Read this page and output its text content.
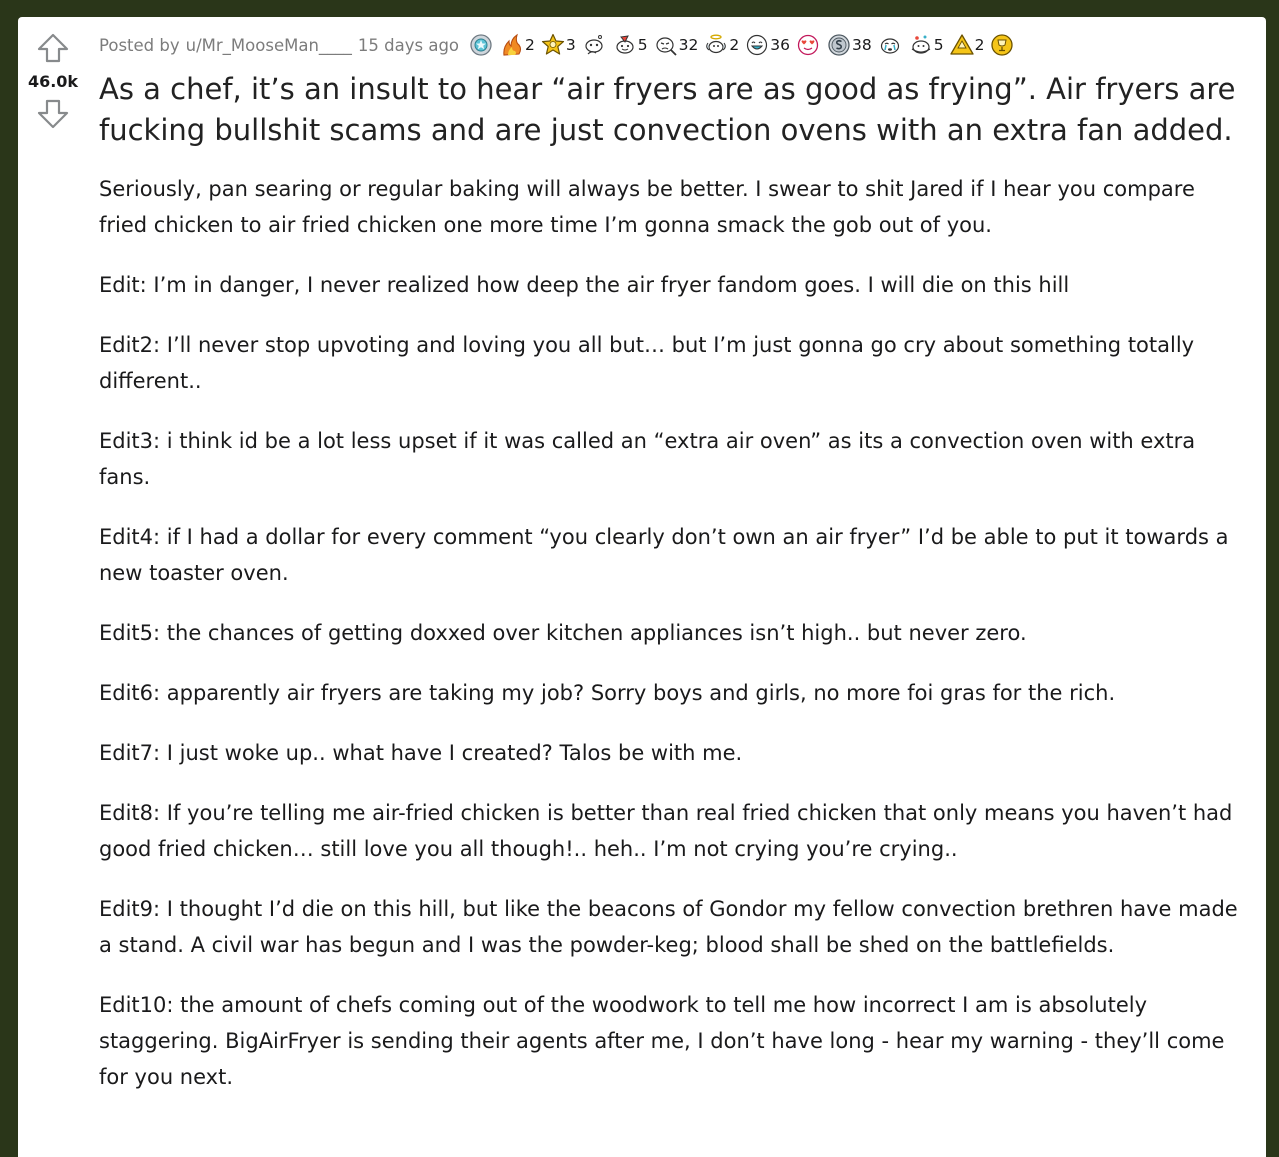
46.0k
Posted by u/Mr_MooseMan____ 15 days ago	2 3	5 32 2 36	38	5 2
As a chef, it’s an insult to hear “air fryers are as good as frying”. Air fryers are fucking bullshit scams and are just convection ovens with an extra fan added.

Seriously, pan searing or regular baking will always be better. I swear to shit Jared if I hear you compare fried chicken to air fried chicken one more time I’m gonna smack the gob out of you.

Edit: I’m in danger, I never realized how deep the air fryer fandom goes. I will die on this hill

Edit2: I’ll never stop upvoting and loving you all but… but I’m just gonna go cry about something totally different..

Edit3: i think id be a lot less upset if it was called an “extra air oven” as its a convection oven with extra fans.

Edit4: if I had a dollar for every comment “you clearly don’t own an air fryer” I’d be able to put it towards a new toaster oven.

Edit5: the chances of getting doxxed over kitchen appliances isn’t high.. but never zero.

Edit6: apparently air fryers are taking my job? Sorry boys and girls, no more foi gras for the rich.

Edit7: I just woke up.. what have I created? Talos be with me.

Edit8: If you’re telling me air-fried chicken is better than real fried chicken that only means you haven’t had good fried chicken… still love you all though!.. heh.. I’m not crying you’re crying..

Edit9: I thought I’d die on this hill, but like the beacons of Gondor my fellow convection brethren have made a stand. A civil war has begun and I was the powder-keg; blood shall be shed on the battlefields.

Edit10: the amount of chefs coming out of the woodwork to tell me how incorrect I am is absolutely staggering. BigAirFryer is sending their agents after me, I don’t have long - hear my warning - they’ll come for you next.
